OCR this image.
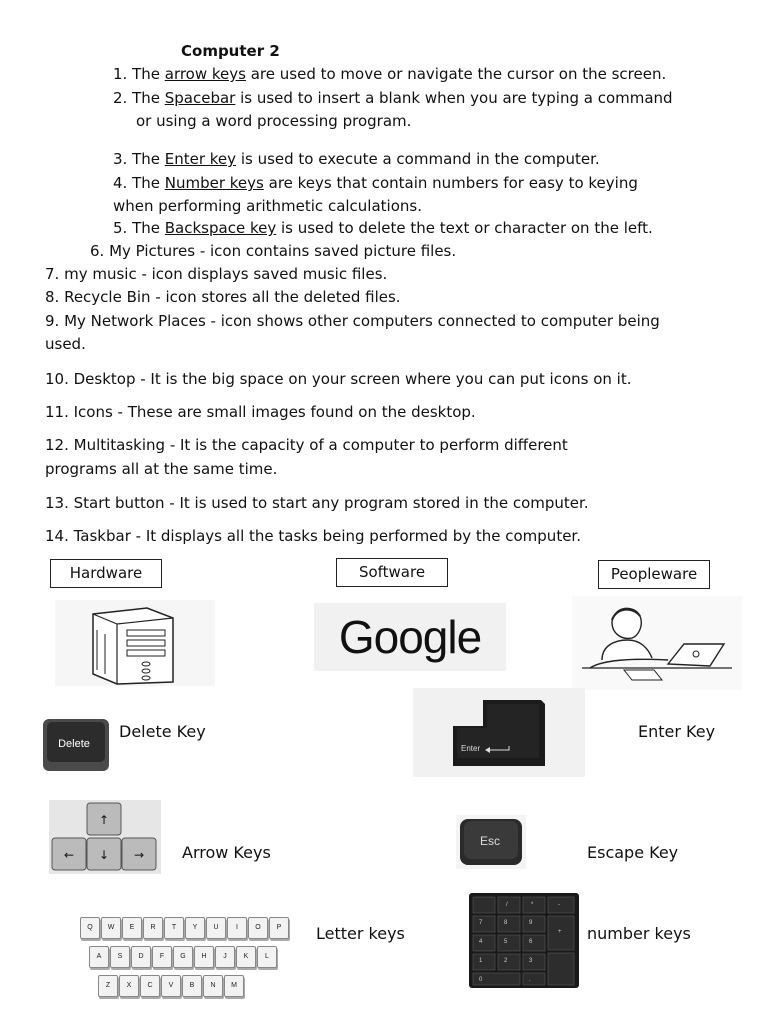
Computer 2
1. The arrow keys are used to move or navigate the cursor on the screen.
2. The Spacebar is used to insert a blank when you are typing a command
or using a word processing program.
3. The Enter key is used to execute a command in the computer.
4. The Number keys are keys that contain numbers for easy to keying
when performing arithmetic calculations.
5. The Backspace key is used to delete the text or character on the left.
6. My Pictures - icon contains saved picture files.
7. my music - icon displays saved music files.
8. Recycle Bin - icon stores all the deleted files.
9. My Network Places - icon shows other computers connected to computer being
used.
10. Desktop - It is the big space on your screen where you can put icons on it.
11. Icons - These are small images found on the desktop.
12. Multitasking - It is the capacity of a computer to perform different
programs all at the same time.
13. Start button - It is used to start any program stored in the computer.
14. Taskbar - It displays all the tasks being performed by the computer.
Hardware	Software	Peopleware
Google
Delete
Delete Key
Enter
Enter Key
↑
← ↓ → Arrow Keys
Esc
Escape Key
Q	W	E	R	T	Y	U	I	O	P
A	S	D	F	G	H	J	K	L
Z	X	C	V	B	N	M
Letter keys
/	*	-
7	8	9
+
4	5	6
1	2	3
0	.
number keys
